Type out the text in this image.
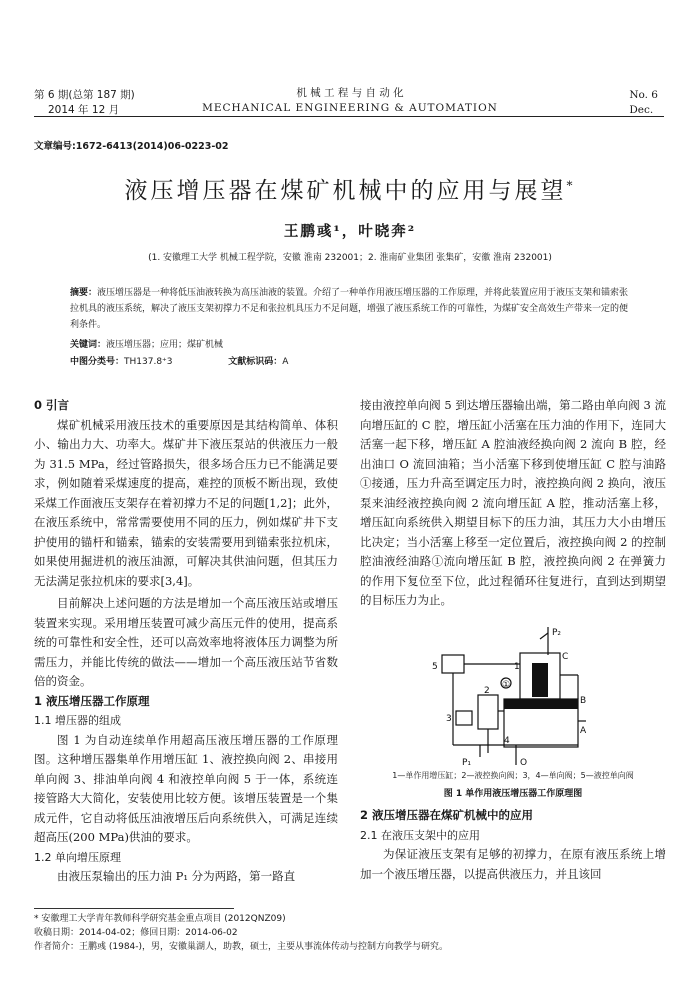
第 6 期(总第 187 期)
2014 年 12 月
机 械 工 程 与 自 动 化
MECHANICAL ENGINEERING & AUTOMATION
No. 6
Dec.
文章编号:1672-6413(2014)06-0223-02
液压增压器在煤矿机械中的应用与展望*
王鹏彧¹，叶晓奔²
(1. 安徽理工大学 机械工程学院，安徽 淮南 232001；2. 淮南矿业集团 张集矿，安徽 淮南 232001)
摘要：液压增压器是一种将低压油液转换为高压油液的装置。介绍了一种单作用液压增压器的工作原理，并将此装置应用于液压支架和锚索张拉机具的液压系统，解决了液压支架初撑力不足和张拉机具压力不足问题，增强了液压系统工作的可靠性，为煤矿安全高效生产带来一定的便利条件。
关键词：液压增压器；应用；煤矿机械
中图分类号：TH137.8⁺3	文献标识码：A
0 引言

煤矿机械采用液压技术的重要原因是其结构简单、体积小、输出力大、功率大。煤矿井下液压泵站的供液压力一般为 31.5 MPa，经过管路损失，很多场合压力已不能满足要求，例如随着采煤速度的提高，难控的顶板不断出现，致使采煤工作面液压支架存在着初撑力不足的问题[1,2]；此外，在液压系统中，常常需要使用不同的压力，例如煤矿井下支护使用的锚杆和锚索，锚索的安装需要用到锚索张拉机床，如果使用掘进机的液压油源，可解决其供油问题，但其压力无法满足张拉机床的要求[3,4]。

目前解决上述问题的方法是增加一个高压液压站或增压装置来实现。采用增压装置可减少高压元件的使用，提高系统的可靠性和安全性，还可以高效率地将液体压力调整为所需压力，并能比传统的做法——增加一个高压液压站节省数倍的资金。

1 液压增压器工作原理
1.1 增压器的组成

图 1 为自动连续单作用超高压液压增压器的工作原理图。这种增压器集单作用增压缸 1、液控换向阀 2、串接用单向阀 3、排油单向阀 4 和液控单向阀 5 于一体，系统连接管路大大简化，安装使用比较方便。该增压装置是一个集成元件，它自动将低压油液增压后向系统供入，可满足连续超高压(200 MPa)供油的要求。

1.2 单向增压原理

由液压泵输出的压力油 P₁ 分为两路，第一路直

接由液控单向阀 5 到达增压器输出端，第二路由单向阀 3 流向增压缸的 C 腔，增压缸小活塞在压力油的作用下，连同大活塞一起下移，增压缸 A 腔油液经换向阀 2 流向 B 腔，经出油口 O 流回油箱；当小活塞下移到使增压缸 C 腔与油路①接通，压力升高至调定压力时，液控换向阀 2 换向，液压泵来油经液控换向阀 2 流向增压缸 A 腔，推动活塞上移，增压缸向系统供入期望目标下的压力油，其压力大小由增压比决定；当小活塞上移至一定位置后，液控换向阀 2 的控制腔油液经油路①流向增压缸 B 腔，液控换向阀 2 在弹簧力的作用下复位至下位，此过程循环往复进行，直到达到期望的目标压力为止。

P₂
C
B
A
1
2
3
4
5
①
P₁	O
1—单作用增压缸；2—液控换向阀；3，4—单向阀；5—液控单向阀
图 1 单作用液压增压器工作原理图
2 液压增压器在煤矿机械中的应用
2.1 在液压支架中的应用

为保证液压支架有足够的初撑力，在原有液压系统上增加一个液压增压器，以提高供液压力，并且该回

* 安徽理工大学青年教师科学研究基金重点项目 (2012QNZ09)
收稿日期：2014-04-02；修回日期：2014-06-02
作者简介：王鹏彧 (1984-)，男，安徽巢湖人，助教，硕士，主要从事流体传动与控制方向教学与研究。
